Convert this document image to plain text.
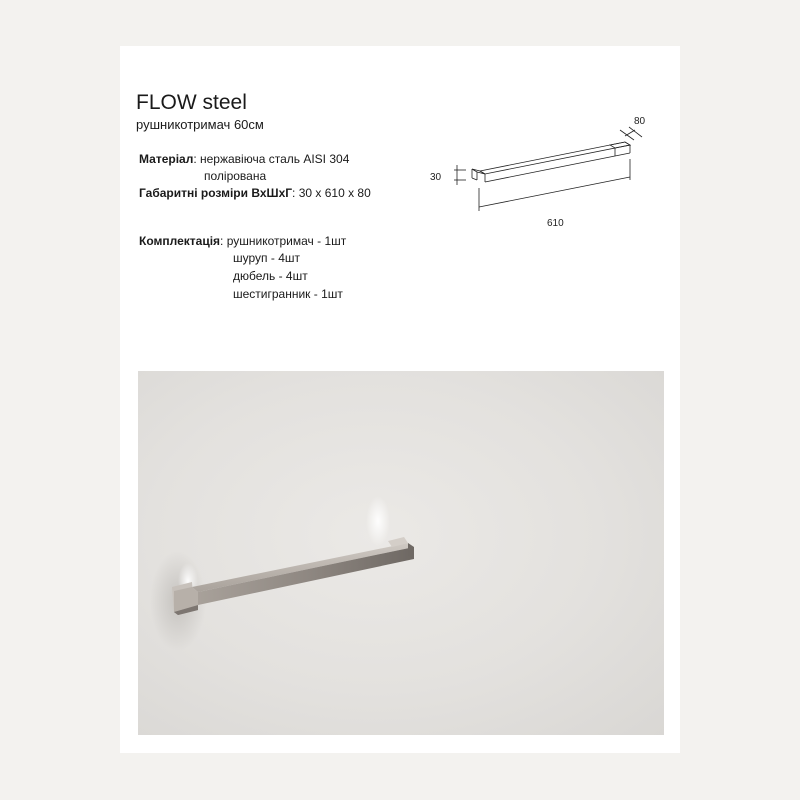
FLOW steel
рушникотримач 60см
Матеріал: нержавіюча сталь AISI 304
полірована
Габаритні розміри ВхШхГ: 30 х 610 х 80
Комплектація: рушникотримач - 1шт
шуруп - 4шт
дюбель - 4шт
шестигранник - 1шт
30
610
80
